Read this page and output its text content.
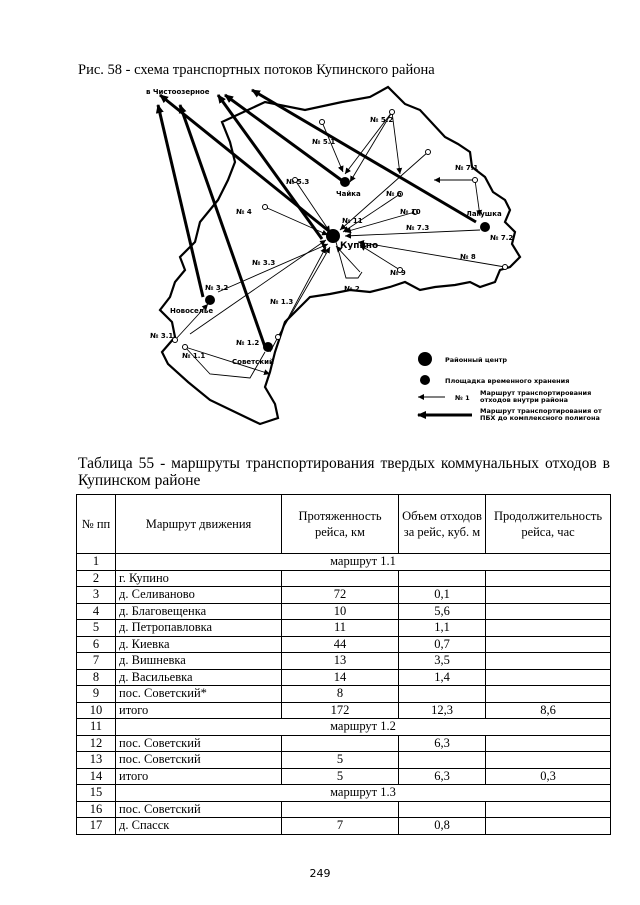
Рис. 58 - схема транспортных потоков Купинского района
в Чистоозерное
№ 5.2
№ 5.1
№ 7.1
№ 5.3
Чайка	№ 6
№ 10	Лагушка
№ 4
№ 7.3
№ 7.2
№ 11
Купино
№ 8
№ 3.3
№ 9
№ 2
№ 3.2
Новоселье
№ 1.3
№ 3.1
№ 1.2
№ 1.1
Советский	Районный центр
Площадка временного хранения
№ 1
Маршрут транспортирования
отходов внутри района
Маршрут транспортирования от
ПБХ до комплексного полигона
Таблица 55 - маршруты транспортирования твердых коммунальных отходов в Купинском районе
№ пп	Маршрут движения	Протяженность рейса, км	Объем отходов за рейс, куб. м	Продолжительность рейса, час
1	маршрут 1.1			
2	г. Купино			
3	д. Селиваново	72	0,1	
4	д. Благовещенка	10	5,6	
5	д. Петропавловка	11	1,1	
6	д. Киевка	44	0,7	
7	д. Вишневка	13	3,5	
8	д. Васильевка	14	1,4	
9	пос. Советский*	8		
10	итого	172	12,3	8,6
11	маршрут 1.2			
12	пос. Советский		6,3	
13	пос. Советский	5		
14	итого	5	6,3	0,3
15	маршрут 1.3			
16	пос. Советский			
17	д. Спасск	7	0,8	
249
